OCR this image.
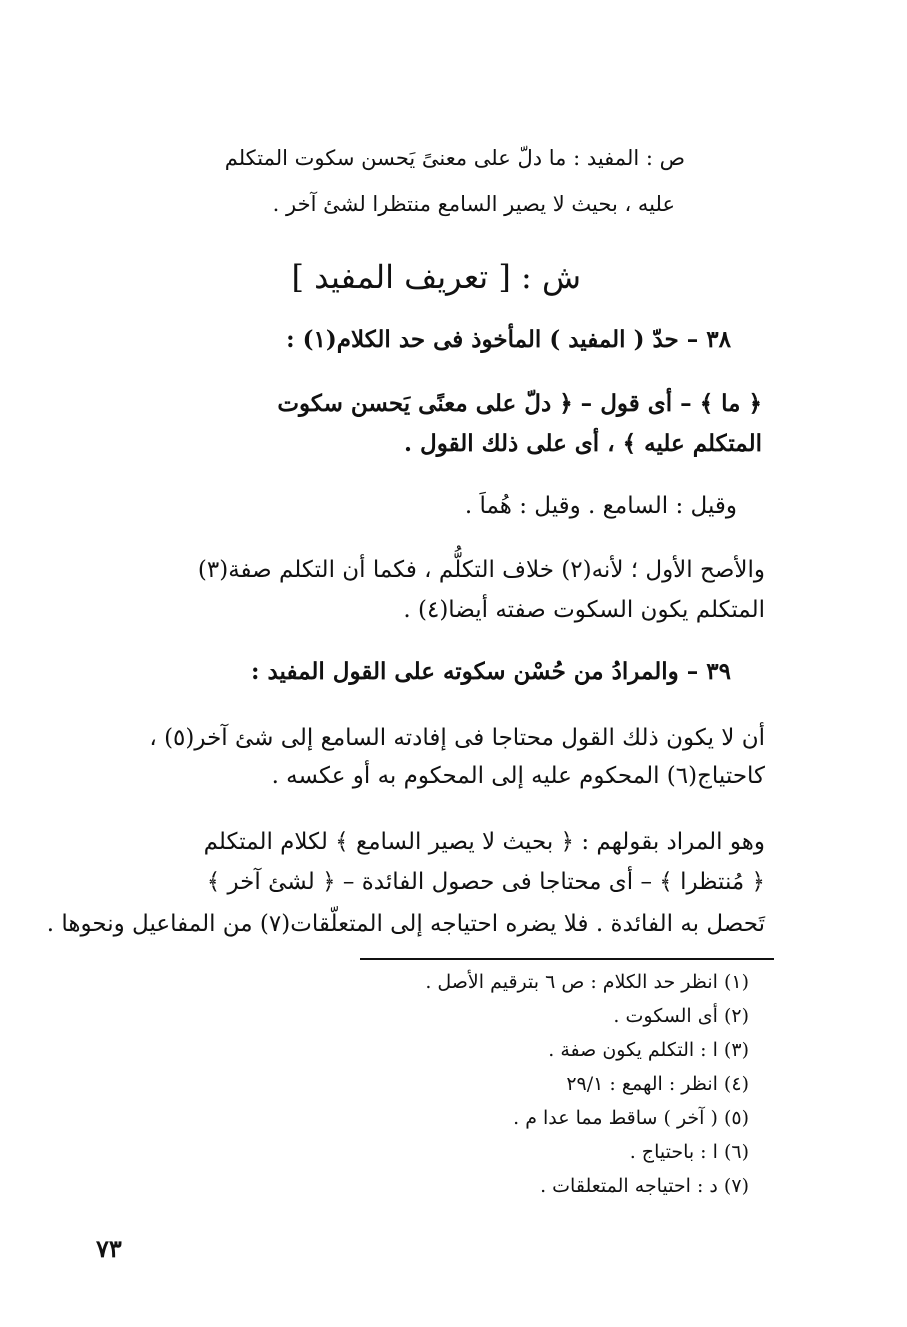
ص : المفيد : ما دلّ على معنىً يَحسن سكوت المتكلم
عليه ، بحيث لا يصير السامع منتظرا لشئ آخر .
ش : [ تعريف المفيد ]
٣٨ – حدّ ( المفيد ) المأخوذ فى حد الكلام(١) :
﴿ ما ﴾ – أى قول – ﴿ دلّ على معنًى يَحسن سكوت
المتكلم عليه ﴾ ، أى على ذلك القول .
وقيل : السامع . وقيل : هُماَ .
والأصح الأول ؛ لأنه(٢) خلاف التكلُّم ، فكما أن التكلم صفة(٣)
المتكلم يكون السكوت صفته أيضا(٤) .
٣٩ – والمرادُ من حُسْن سكوته على القول المفيد :
أن لا يكون ذلك القول محتاجا فى إفادته السامع إلى شئ آخر(٥) ،
كاحتياج(٦) المحكوم عليه إلى المحكوم به أو عكسه .
وهو المراد بقولهم : ﴿ بحيث لا يصير السامع ﴾ لكلام المتكلم
﴿ مُنتظرا ﴾ – أى محتاجا فى حصول الفائدة – ﴿ لشئ آخر ﴾
تَحصل به الفائدة . فلا يضره احتياجه إلى المتعلّقات(٧) من المفاعيل ونحوها .
(١) انظر حد الكلام : ص ٦ بترقيم الأصل .
(٢) أى السكوت .
(٣) ا : التكلم يكون صفة .
(٤) انظر : الهمع : ٢٩/١
(٥) ( آخر ) ساقط مما عدا م .
(٦) ا : باحتياج .
(٧) د : احتياجه المتعلقات .
٧٣
